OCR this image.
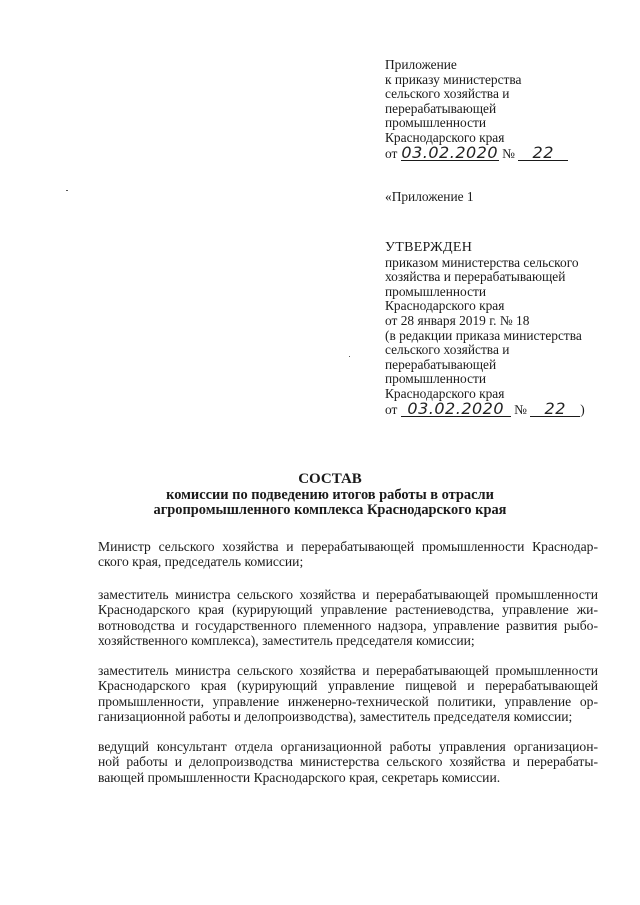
Приложение
к приказу министерства
сельского хозяйства и
перерабатывающей
промышленности
Краснодарского края
от 03.02.2020 № 22
«Приложение 1
УТВЕРЖДЕН
приказом министерства сельского
хозяйства и перерабатывающей
промышленности
Краснодарского края
от 28 января 2019 г. № 18
(в редакции приказа министерства
сельского хозяйства и
перерабатывающей
промышленности
Краснодарского края
от 03.02.2020 № 22 )
СОСТАВ
комиссии по подведению итогов работы в отрасли
агропромышленного комплекса Краснодарского края
Министр сельского хозяйства и перерабатывающей промышленности Краснодар-
ского края, председатель комиссии;
заместитель министра сельского хозяйства и перерабатывающей промышленности
Краснодарского края (курирующий управление растениеводства, управление жи-
вотноводства и государственного племенного надзора, управление развития рыбо-
хозяйственного комплекса), заместитель председателя комиссии;
заместитель министра сельского хозяйства и перерабатывающей промышленности
Краснодарского края (курирующий управление пищевой и перерабатывающей
промышленности, управление инженерно-технической политики, управление ор-
ганизационной работы и делопроизводства), заместитель председателя комиссии;
ведущий консультант отдела организационной работы управления организацион-
ной работы и делопроизводства министерства сельского хозяйства и перерабаты-
вающей промышленности Краснодарского края, секретарь комиссии.
